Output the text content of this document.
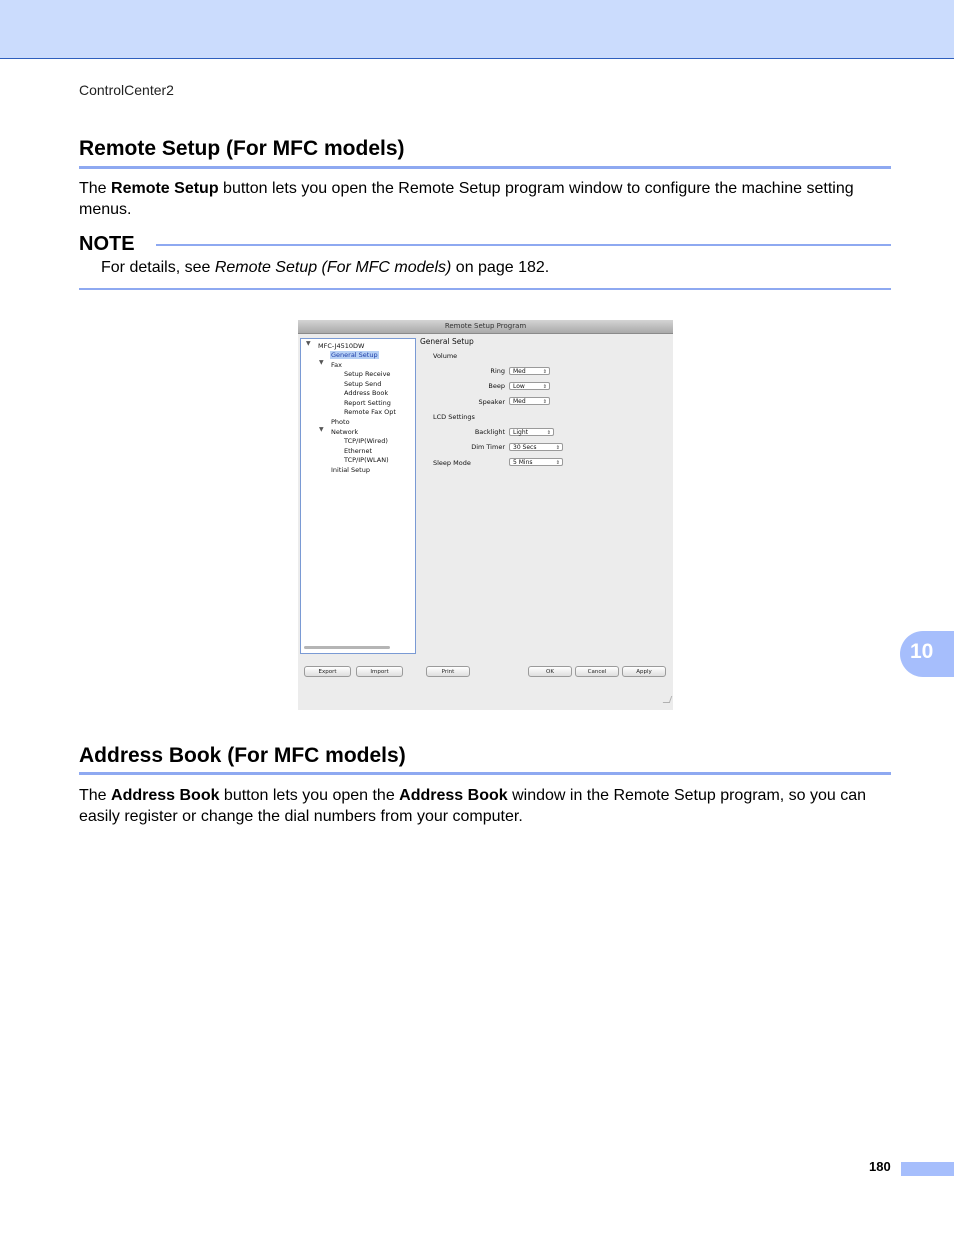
ControlCenter2
Remote Setup (For MFC models)

The Remote Setup button lets you open the Remote Setup program window to configure the machine setting menus.

NOTE
For details, see Remote Setup (For MFC models) on page 182.
Remote Setup Program
▼ MFC-J4510DW
General Setup
▼ Fax
Setup Receive
Setup Send
Address Book
Report Setting
Remote Fax Opt
Photo
▼ Network
TCP/IP(Wired)
Ethernet
TCP/IP(WLAN)
Initial Setup
General Setup
Volume
Ring	Med	⇕
Beep	Low	⇕
Speaker	Med	⇕
LCD Settings
Backlight	Light	⇕
Dim Timer	30 Secs	⇕
Sleep Mode	5 Mins	⇕
Export	Import	Print	OK	Cancel	Apply
Address Book (For MFC models)

The Address Book button lets you open the Address Book window in the Remote Setup program, so you can easily register or change the dial numbers from your computer.

10
180
